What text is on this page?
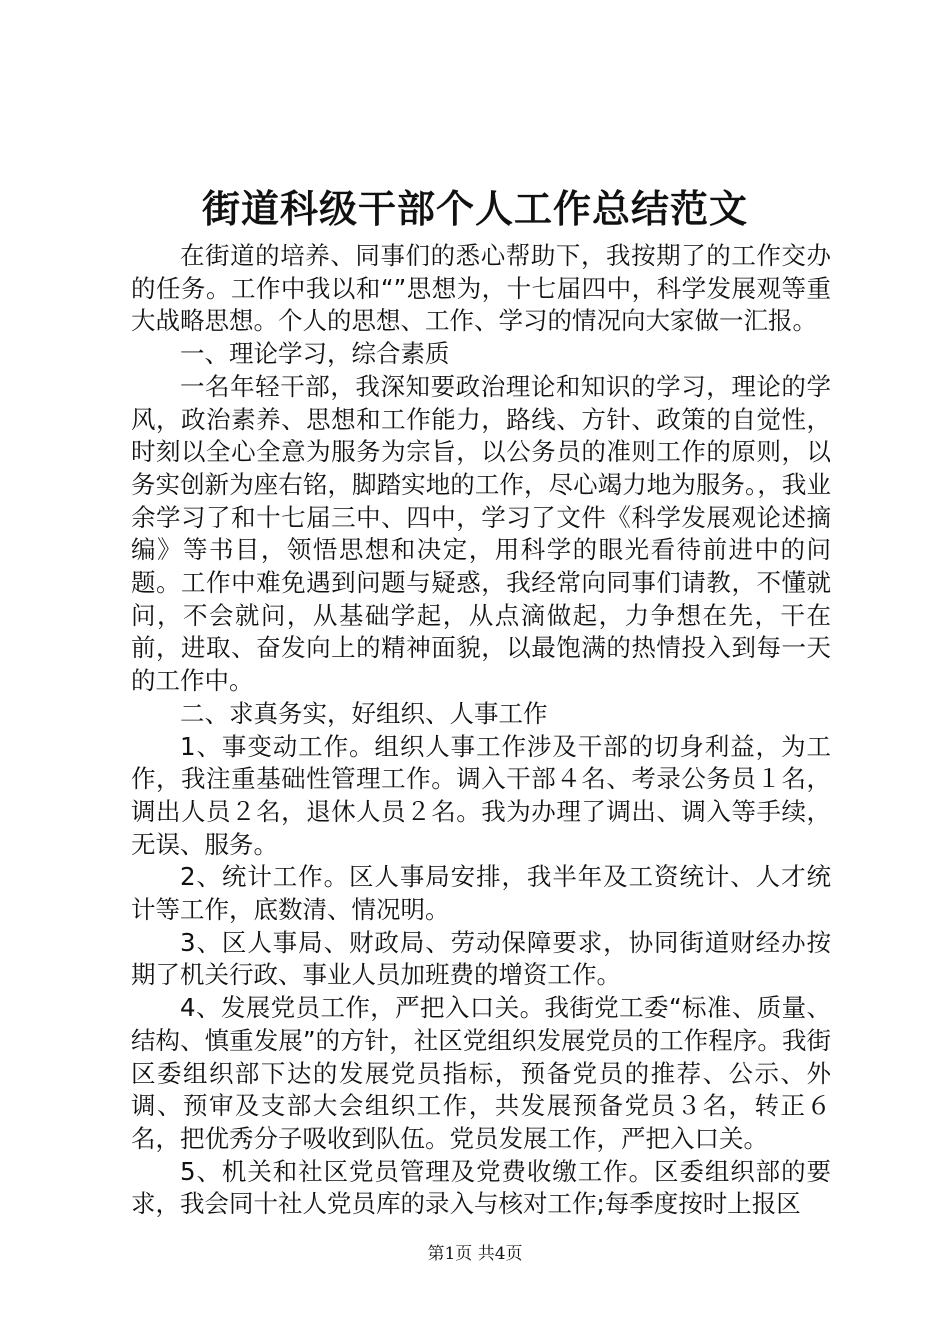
街道科级干部个人工作总结范文

在街道的培养、同事们的悉心帮助下，我按期了的工作交办的任务。工作中我以和“”思想为，十七届四中，科学发展观等重大战略思想。个人的思想、工作、学习的情况向大家做一汇报。

一、理论学习，综合素质

一名年轻干部，我深知要政治理论和知识的学习，理论的学风，政治素养、思想和工作能力，路线、方针、政策的自觉性，时刻以全心全意为服务为宗旨，以公务员的准则工作的原则，以务实创新为座右铭，脚踏实地的工作，尽心竭力地为服务。，我业余学习了和十七届三中、四中，学习了文件《科学发展观论述摘编》等书目，领悟思想和决定，用科学的眼光看待前进中的问题。工作中难免遇到问题与疑惑，我经常向同事们请教，不懂就问，不会就问，从基础学起，从点滴做起，力争想在先，干在前，进取、奋发向上的精神面貌，以最饱满的热情投入到每一天的工作中。

二、求真务实，好组织、人事工作

1、事变动工作。组织人事工作涉及干部的切身利益，为工作，我注重基础性管理工作。调入干部４名、考录公务员１名，调出人员２名，退休人员２名。我为办理了调出、调入等手续，无误、服务。

2、统计工作。区人事局安排，我半年及工资统计、人才统计等工作，底数清、情况明。

3、区人事局、财政局、劳动保障要求，协同街道财经办按期了机关行政、事业人员加班费的增资工作。

4、发展党员工作，严把入口关。我街党工委“标准、质量、结构、慎重发展”的方针，社区党组织发展党员的工作程序。我街区委组织部下达的发展党员指标，预备党员的推荐、公示、外调、预审及支部大会组织工作，共发展预备党员３名，转正６名，把优秀分子吸收到队伍。党员发展工作，严把入口关。

5、机关和社区党员管理及党费收缴工作。区委组织部的要求，我会同十社人党员库的录入与核对工作;每季度按时上报区

第1页 共4页
